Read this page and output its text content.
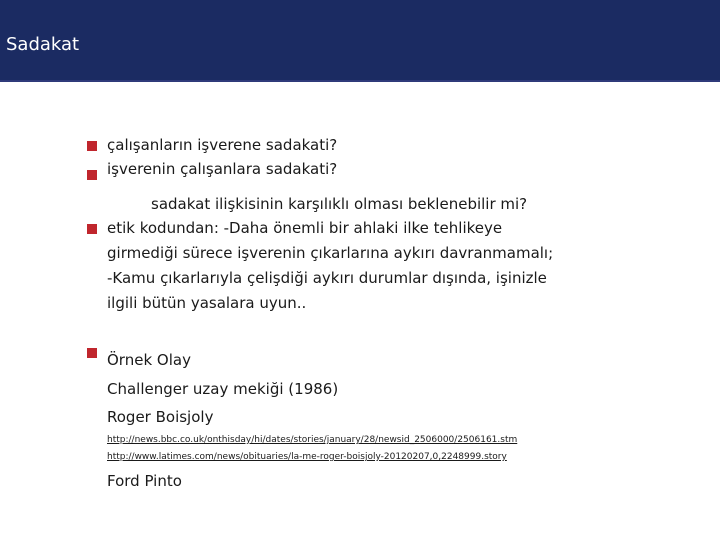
Sadakat
çalışanların işverene sadakati?
işverenin çalışanlara sadakati?
sadakat ilişkisinin karşılıklı olması beklenebilir mi?
etik kodundan: -Daha önemli bir ahlaki ilke tehlikeye
girmediği sürece işverenin çıkarlarına aykırı davranmamalı;
-Kamu çıkarlarıyla çelişdiği aykırı durumlar dışında, işinizle
ilgili bütün yasalara uyun..
Örnek Olay
Challenger uzay mekiği (1986)
Roger Boisjoly
http://news.bbc.co.uk/onthisday/hi/dates/stories/january/28/newsid_2506000/2506161.stm
http://www.latimes.com/news/obituaries/la-me-roger-boisjoly-20120207,0,2248999.story
Ford Pinto
